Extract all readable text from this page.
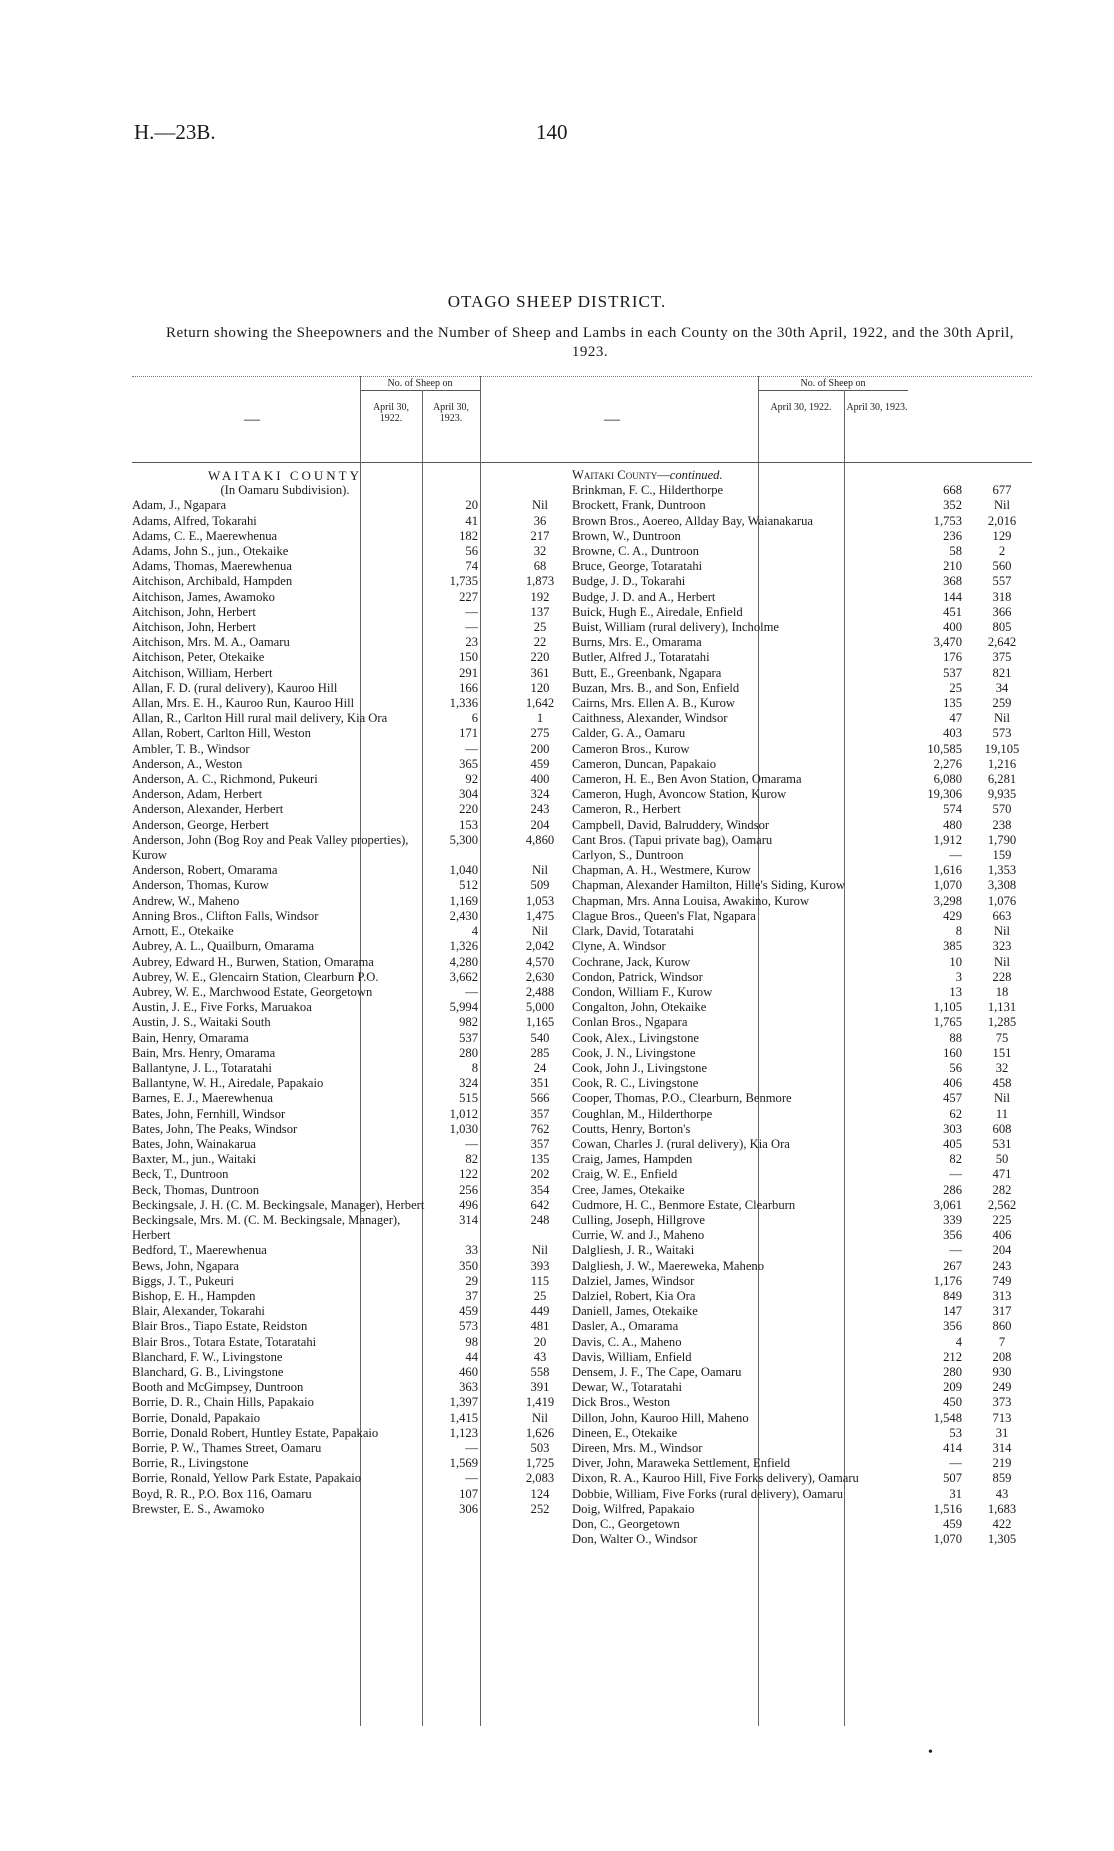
H.—23B.	140
OTAGO SHEEP DISTRICT.
Return showing the Sheepowners and the Number of Sheep and Lambs in each County on the 30th April, 1922, and the 30th April, 1923.
—
No. of Sheep on
April 30, 1922.
April 30, 1923.	—
No. of Sheep on
April 30, 1922.	April 30, 1923.
WAITAKI COUNTY
(In Oamaru Subdivision).
Adam, J., Ngapara	20	Nil
Adams, Alfred, Tokarahi	41	36
Adams, C. E., Maerewhenua	182	217
Adams, John S., jun., Otekaike	56	32
Adams, Thomas, Maerewhenua	74	68
Aitchison, Archibald, Hampden	1,735	1,873
Aitchison, James, Awamoko	227	192
Aitchison, John, Herbert	—	137
Aitchison, John, Herbert	—	25
Aitchison, Mrs. M. A., Oamaru	23	22
Aitchison, Peter, Otekaike	150	220
Aitchison, William, Herbert	291	361
Allan, F. D. (rural delivery), Kauroo Hill	166	120
Allan, Mrs. E. H., Kauroo Run, Kauroo Hill	1,336	1,642
Allan, R., Carlton Hill rural mail delivery, Kia Ora	6	1
Allan, Robert, Carlton Hill, Weston	171	275
Ambler, T. B., Windsor	—	200
Anderson, A., Weston	365	459
Anderson, A. C., Richmond, Pukeuri	92	400
Anderson, Adam, Herbert	304	324
Anderson, Alexander, Herbert	220	243
Anderson, George, Herbert	153	204
Anderson, John (Bog Roy and Peak Valley properties), Kurow
5,300	4,860
Anderson, Robert, Omarama	1,040	Nil
Anderson, Thomas, Kurow	512	509
Andrew, W., Maheno	1,169	1,053
Anning Bros., Clifton Falls, Windsor	2,430	1,475
Arnott, E., Otekaike	4	Nil
Aubrey, A. L., Quailburn, Omarama	1,326	2,042
Aubrey, Edward H., Burwen, Station, Omarama	4,280	4,570
Aubrey, W. E., Glencairn Station, Clearburn P.O.	3,662	2,630
Aubrey, W. E., Marchwood Estate, Georgetown	—	2,488
Austin, J. E., Five Forks, Maruakoa	5,994	5,000
Austin, J. S., Waitaki South	982	1,165
Bain, Henry, Omarama	537	540
Bain, Mrs. Henry, Omarama	280	285
Ballantyne, J. L., Totaratahi	8	24
Ballantyne, W. H., Airedale, Papakaio	324	351
Barnes, E. J., Maerewhenua	515	566
Bates, John, Fernhill, Windsor	1,012	357
Bates, John, The Peaks, Windsor	1,030	762
Bates, John, Wainakarua	—	357
Baxter, M., jun., Waitaki	82	135
Beck, T., Duntroon	122	202
Beck, Thomas, Duntroon	256	354
Beckingsale, J. H. (C. M. Beckingsale, Manager), Herbert	496	642
Beckingsale, Mrs. M. (C. M. Beckingsale, Manager), Herbert
314	248
Bedford, T., Maerewhenua	33	Nil
Bews, John, Ngapara	350	393
Biggs, J. T., Pukeuri	29	115
Bishop, E. H., Hampden	37	25
Blair, Alexander, Tokarahi	459	449
Blair Bros., Tiapo Estate, Reidston	573	481
Blair Bros., Totara Estate, Totaratahi	98	20
Blanchard, F. W., Livingstone	44	43
Blanchard, G. B., Livingstone	460	558
Booth and McGimpsey, Duntroon	363	391
Borrie, D. R., Chain Hills, Papakaio	1,397	1,419
Borrie, Donald, Papakaio	1,415	Nil
Borrie, Donald Robert, Huntley Estate, Papakaio	1,123	1,626
Borrie, P. W., Thames Street, Oamaru	—	503
Borrie, R., Livingstone	1,569	1,725
Borrie, Ronald, Yellow Park Estate, Papakaio	—	2,083
Boyd, R. R., P.O. Box 116, Oamaru	107	124
Brewster, E. S., Awamoko	306	252
Waitaki County—continued.
Brinkman, F. C., Hilderthorpe	668	677
Brockett, Frank, Duntroon	352	Nil
Brown Bros., Aoereo, Allday Bay, Waianakarua	1,753	2,016
Brown, W., Duntroon	236	129
Browne, C. A., Duntroon	58	2
Bruce, George, Totaratahi	210	560
Budge, J. D., Tokarahi	368	557
Budge, J. D. and A., Herbert	144	318
Buick, Hugh E., Airedale, Enfield	451	366
Buist, William (rural delivery), Incholme	400	805
Burns, Mrs. E., Omarama	3,470	2,642
Butler, Alfred J., Totaratahi	176	375
Butt, E., Greenbank, Ngapara	537	821
Buzan, Mrs. B., and Son, Enfield	25	34
Cairns, Mrs. Ellen A. B., Kurow	135	259
Caithness, Alexander, Windsor	47	Nil
Calder, G. A., Oamaru	403	573
Cameron Bros., Kurow	10,585	19,105
Cameron, Duncan, Papakaio	2,276	1,216
Cameron, H. E., Ben Avon Station, Omarama	6,080	6,281
Cameron, Hugh, Avoncow Station, Kurow	19,306	9,935
Cameron, R., Herbert	574	570
Campbell, David, Balruddery, Windsor	480	238
Cant Bros. (Tapui private bag), Oamaru	1,912	1,790
Carlyon, S., Duntroon	—	159
Chapman, A. H., Westmere, Kurow	1,616	1,353
Chapman, Alexander Hamilton, Hille's Siding, Kurow	1,070	3,308
Chapman, Mrs. Anna Louisa, Awakino, Kurow	3,298	1,076
Clague Bros., Queen's Flat, Ngapara	429	663
Clark, David, Totaratahi	8	Nil
Clyne, A. Windsor	385	323
Cochrane, Jack, Kurow	10	Nil
Condon, Patrick, Windsor	3	228
Condon, William F., Kurow	13	18
Congalton, John, Otekaike	1,105	1,131
Conlan Bros., Ngapara	1,765	1,285
Cook, Alex., Livingstone	88	75
Cook, J. N., Livingstone	160	151
Cook, John J., Livingstone	56	32
Cook, R. C., Livingstone	406	458
Cooper, Thomas, P.O., Clearburn, Benmore	457	Nil
Coughlan, M., Hilderthorpe	62	11
Coutts, Henry, Borton's	303	608
Cowan, Charles J. (rural delivery), Kia Ora	405	531
Craig, James, Hampden	82	50
Craig, W. E., Enfield	—	471
Cree, James, Otekaike	286	282
Cudmore, H. C., Benmore Estate, Clearburn	3,061	2,562
Culling, Joseph, Hillgrove	339	225
Currie, W. and J., Maheno	356	406
Dalgliesh, J. R., Waitaki	—	204
Dalgliesh, J. W., Maereweka, Maheno	267	243
Dalziel, James, Windsor	1,176	749
Dalziel, Robert, Kia Ora	849	313
Daniell, James, Otekaike	147	317
Dasler, A., Omarama	356	860
Davis, C. A., Maheno	4	7
Davis, William, Enfield	212	208
Densem, J. F., The Cape, Oamaru	280	930
Dewar, W., Totaratahi	209	249
Dick Bros., Weston	450	373
Dillon, John, Kauroo Hill, Maheno	1,548	713
Dineen, E., Otekaike	53	31
Direen, Mrs. M., Windsor	414	314
Diver, John, Maraweka Settlement, Enfield	—	219
Dixon, R. A., Kauroo Hill, Five Forks delivery), Oamaru	507	859
Dobbie, William, Five Forks (rural delivery), Oamaru	31	43
Doig, Wilfred, Papakaio	1,516	1,683
Don, C., Georgetown	459	422
Don, Walter O., Windsor	1,070	1,305
•
